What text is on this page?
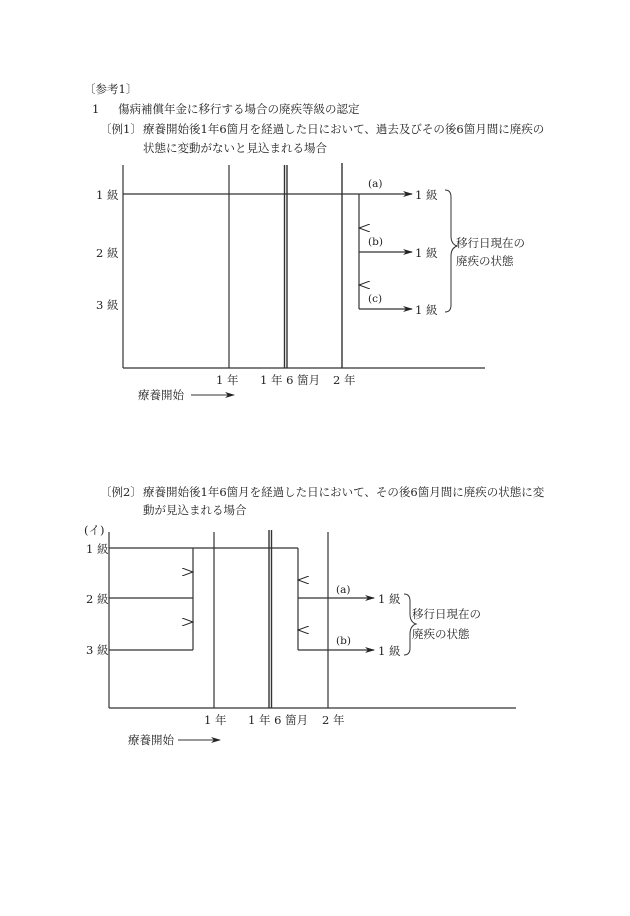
〔参考1〕
1 傷病補償年金に移行する場合の廃疾等級の認定
〔例1〕 療養開始後1年6箇月を経過した日において、過去及びその後6箇月間に廃疾の
状態に変動がないと見込まれる場合
1 級
2 級
3 級
1 年 1 年 6 箇月 2 年
療養開始
(a)
(b)
(c)
1 級
1 級
1 級
移行日現在の
廃疾の状態
〔例2〕 療養開始後1年6箇月を経過した日において、その後6箇月間に廃疾の状態に変
動が見込まれる場合
(イ)
1 級
2 級
3 級
1 年 1 年 6 箇月 2 年
療養開始
(a)
(b)
1 級
1 級
移行日現在の
廃疾の状態
